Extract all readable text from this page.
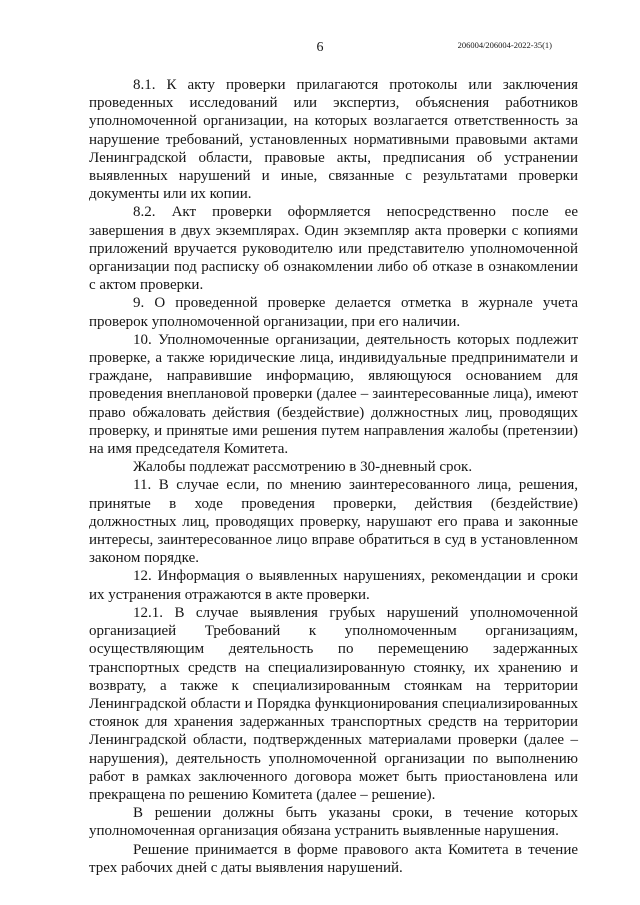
6	206004/206004-2022-35(1)

8.1. К акту проверки прилагаются протоколы или заключения проведенных исследований или экспертиз, объяснения работников уполномоченной организации, на которых возлагается ответственность за нарушение требований, установленных нормативными правовыми актами Ленинградской области, правовые акты, предписания об устранении выявленных нарушений и иные, связанные с результатами проверки документы или их копии.

8.2. Акт проверки оформляется непосредственно после ее завершения в двух экземплярах. Один экземпляр акта проверки с копиями приложений вручается руководителю или представителю уполномоченной организации под расписку об ознакомлении либо об отказе в ознакомлении с актом проверки.

9. О проведенной проверке делается отметка в журнале учета проверок уполномоченной организации, при его наличии.

10. Уполномоченные организации, деятельность которых подлежит проверке, а также юридические лица, индивидуальные предприниматели и граждане, направившие информацию, являющуюся основанием для проведения внеплановой проверки (далее – заинтересованные лица), имеют право обжаловать действия (бездействие) должностных лиц, проводящих проверку, и принятые ими решения путем направления жалобы (претензии) на имя председателя Комитета.

Жалобы подлежат рассмотрению в 30-дневный срок.

11. В случае если, по мнению заинтересованного лица, решения, принятые в ходе проведения проверки, действия (бездействие) должностных лиц, проводящих проверку, нарушают его права и законные интересы, заинтересованное лицо вправе обратиться в суд в установленном законом порядке.

12. Информация о выявленных нарушениях, рекомендации и сроки их устранения отражаются в акте проверки.

12.1. В случае выявления грубых нарушений уполномоченной организацией Требований к уполномоченным организациям, осуществляющим деятельность по перемещению задержанных транспортных средств на специализированную стоянку, их хранению и возврату, а также к специализированным стоянкам на территории Ленинградской области и Порядка функционирования специализированных стоянок для хранения задержанных транспортных средств на территории Ленинградской области, подтвержденных материалами проверки (далее – нарушения), деятельность уполномоченной организации по выполнению работ в рамках заключенного договора может быть приостановлена или прекращена по решению Комитета (далее – решение).

В решении должны быть указаны сроки, в течение которых уполномоченная организация обязана устранить выявленные нарушения.

Решение принимается в форме правового акта Комитета в течение трех рабочих дней с даты выявления нарушений.
